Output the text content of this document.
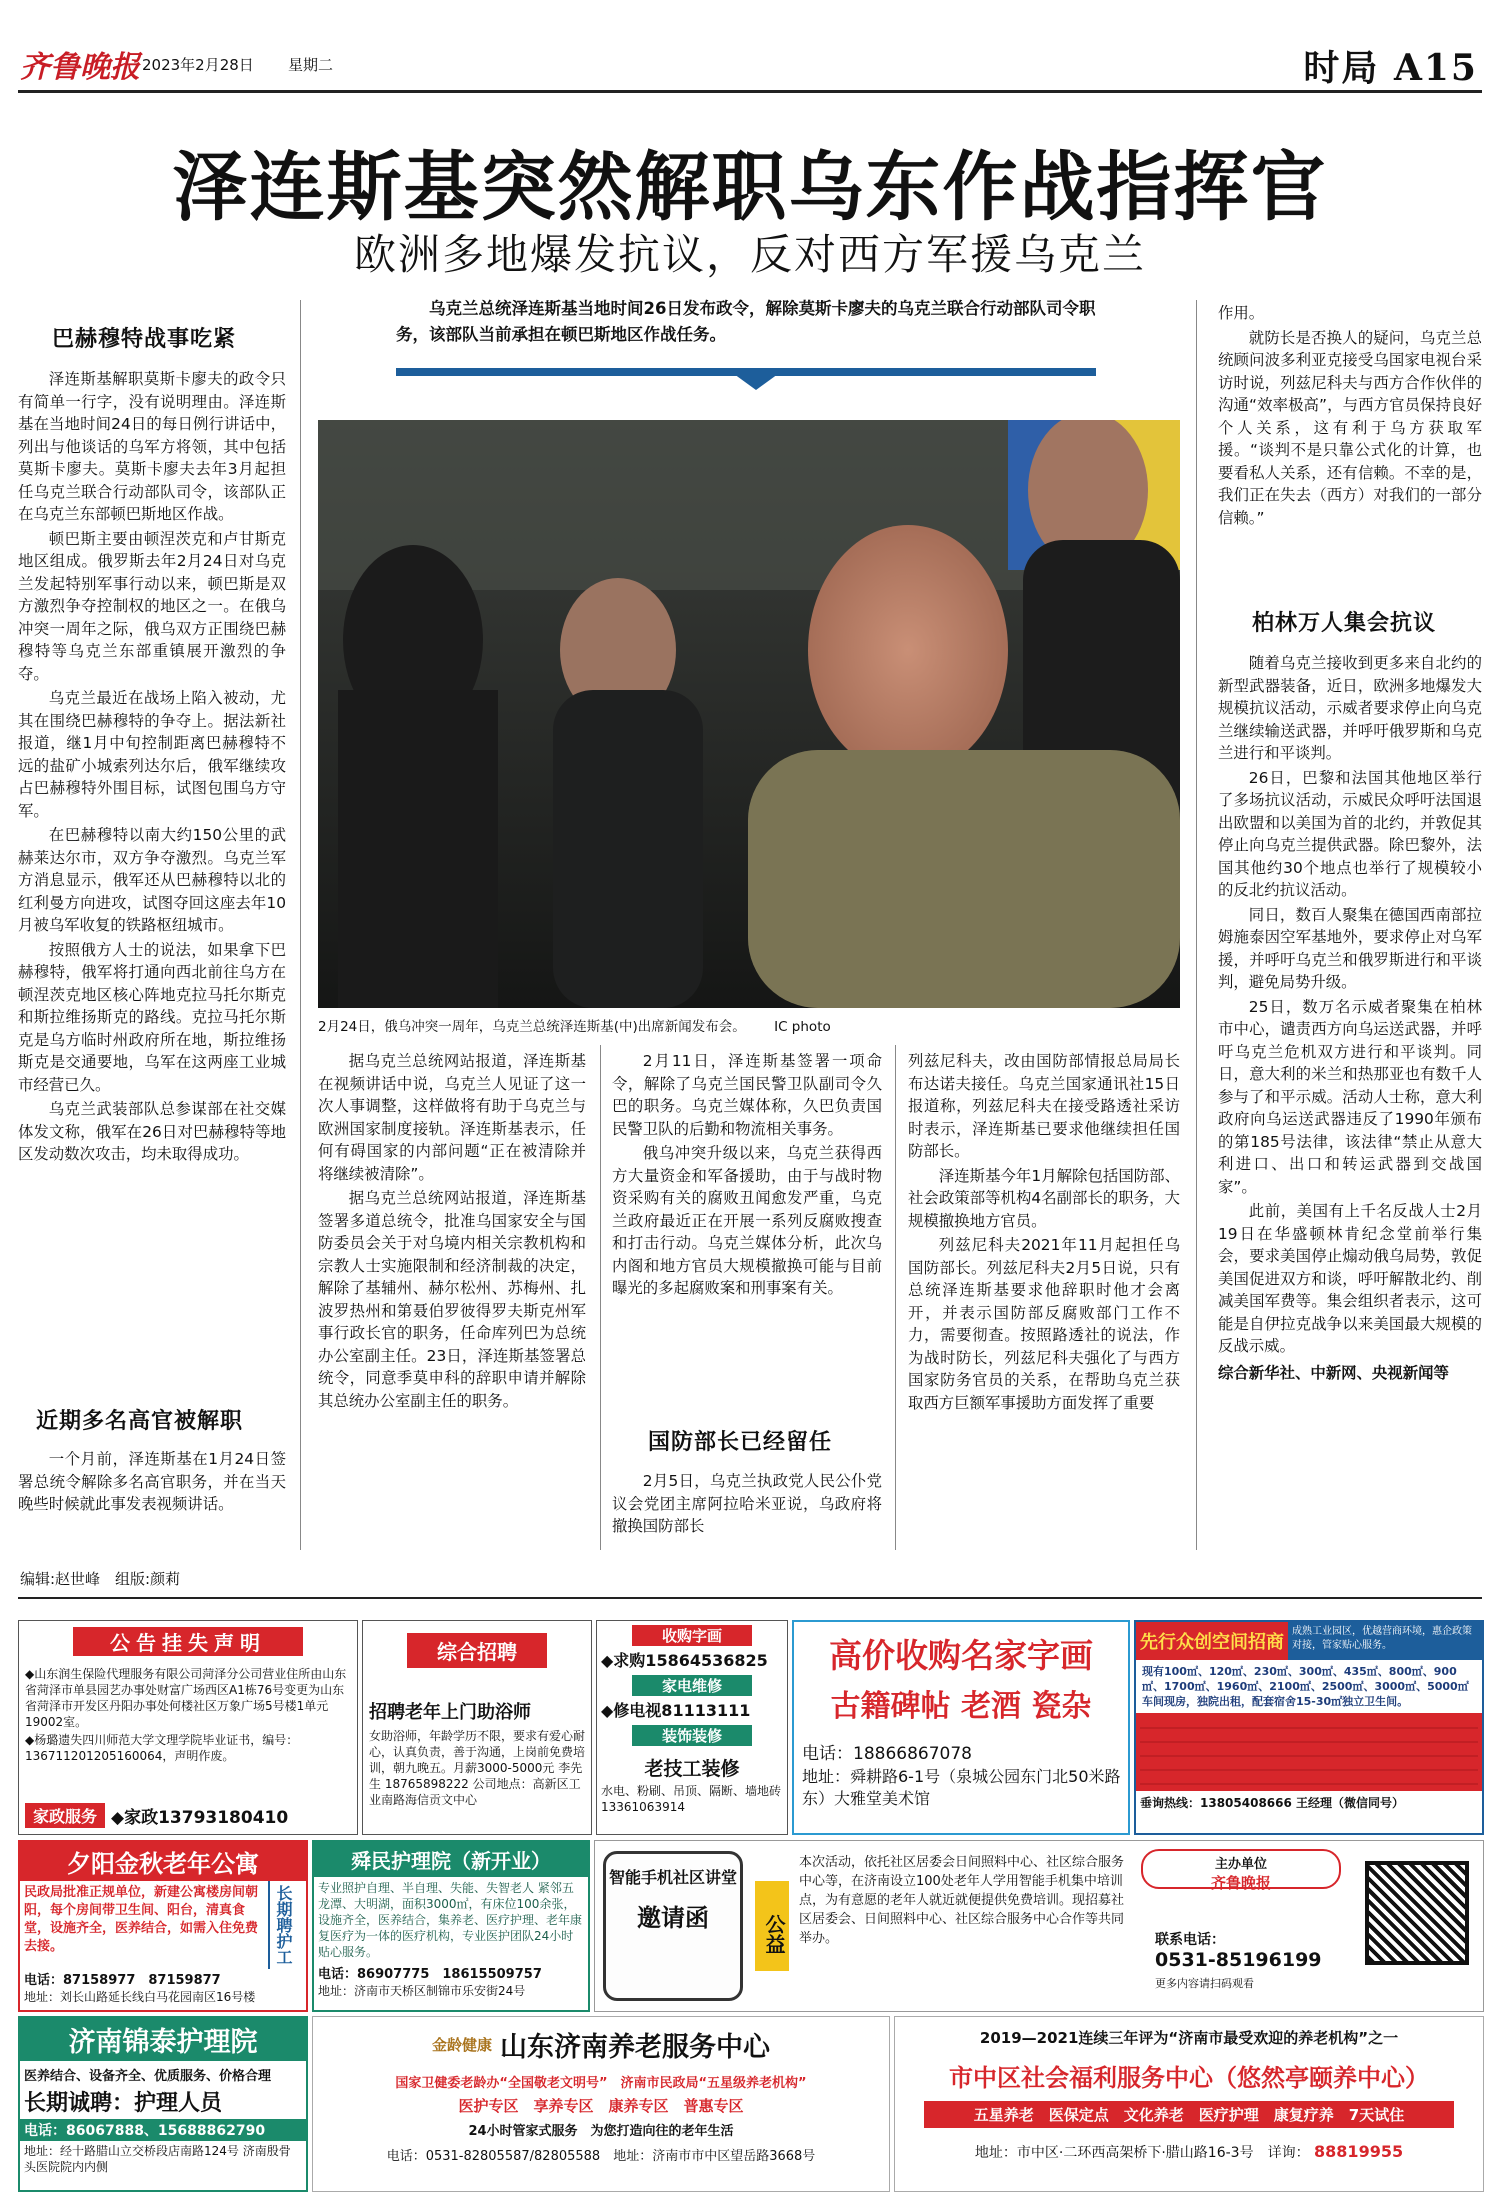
齐鲁晚报 2023年2月28日 星期二	时局 A15
泽连斯基突然解职乌东作战指挥官
欧洲多地爆发抗议，反对西方军援乌克兰
乌克兰总统泽连斯基当地时间26日发布政令，解除莫斯卡廖夫的乌克兰联合行动部队司令职务，该部队当前承担在顿巴斯地区作战任务。
巴赫穆特战事吃紧

泽连斯基解职莫斯卡廖夫的政令只有简单一行字，没有说明理由。泽连斯基在当地时间24日的每日例行讲话中，列出与他谈话的乌军方将领，其中包括莫斯卡廖夫。莫斯卡廖夫去年3月起担任乌克兰联合行动部队司令，该部队正在乌克兰东部顿巴斯地区作战。

顿巴斯主要由顿涅茨克和卢甘斯克地区组成。俄罗斯去年2月24日对乌克兰发起特别军事行动以来，顿巴斯是双方激烈争夺控制权的地区之一。在俄乌冲突一周年之际，俄乌双方正围绕巴赫穆特等乌克兰东部重镇展开激烈的争夺。

乌克兰最近在战场上陷入被动，尤其在围绕巴赫穆特的争夺上。据法新社报道，继1月中旬控制距离巴赫穆特不远的盐矿小城索列达尔后，俄军继续攻占巴赫穆特外围目标，试图包围乌方守军。

在巴赫穆特以南大约150公里的武赫莱达尔市，双方争夺激烈。乌克兰军方消息显示，俄军还从巴赫穆特以北的红利曼方向进攻，试图夺回这座去年10月被乌军收复的铁路枢纽城市。

按照俄方人士的说法，如果拿下巴赫穆特，俄军将打通向西北前往乌方在顿涅茨克地区核心阵地克拉马托尔斯克和斯拉维扬斯克的路线。克拉马托尔斯克是乌方临时州政府所在地，斯拉维扬斯克是交通要地，乌军在这两座工业城市经营已久。

乌克兰武装部队总参谋部在社交媒体发文称，俄军在26日对巴赫穆特等地区发动数次攻击，均未取得成功。

近期多名高官被解职

一个月前，泽连斯基在1月24日签署总统令解除多名高官职务，并在当天晚些时候就此事发表视频讲话。

2月24日，俄乌冲突一周年，乌克兰总统泽连斯基(中)出席新闻发布会。 IC photo

据乌克兰总统网站报道，泽连斯基在视频讲话中说，乌克兰人见证了这一次人事调整，这样做将有助于乌克兰与欧洲国家制度接轨。泽连斯基表示，任何有碍国家的内部问题“正在被清除并将继续被清除”。

据乌克兰总统网站报道，泽连斯基签署多道总统令，批准乌国家安全与国防委员会关于对乌境内相关宗教机构和宗教人士实施限制和经济制裁的决定，解除了基辅州、赫尔松州、苏梅州、扎波罗热州和第聂伯罗彼得罗夫斯克州军事行政长官的职务，任命库列巴为总统办公室副主任。23日，泽连斯基签署总统令，同意季莫申科的辞职申请并解除其总统办公室副主任的职务。

2月11日，泽连斯基签署一项命令，解除了乌克兰国民警卫队副司令久巴的职务。乌克兰媒体称，久巴负责国民警卫队的后勤和物流相关事务。

俄乌冲突升级以来，乌克兰获得西方大量资金和军备援助，由于与战时物资采购有关的腐败丑闻愈发严重，乌克兰政府最近正在开展一系列反腐败搜查和打击行动。乌克兰媒体分析，此次乌内阁和地方官员大规模撤换可能与目前曝光的多起腐败案和刑事案有关。

国防部长已经留任

2月5日，乌克兰执政党人民公仆党议会党团主席阿拉哈米亚说，乌政府将撤换国防部长

列兹尼科夫，改由国防部情报总局局长布达诺夫接任。乌克兰国家通讯社15日报道称，列兹尼科夫在接受路透社采访时表示，泽连斯基已要求他继续担任国防部长。

泽连斯基今年1月解除包括国防部、社会政策部等机构4名副部长的职务，大规模撤换地方官员。

列兹尼科夫2021年11月起担任乌国防部长。列兹尼科夫2月5日说，只有总统泽连斯基要求他辞职时他才会离开，并表示国防部反腐败部门工作不力，需要彻查。按照路透社的说法，作为战时防长，列兹尼科夫强化了与西方国家防务官员的关系，在帮助乌克兰获取西方巨额军事援助方面发挥了重要

作用。

就防长是否换人的疑问，乌克兰总统顾问波多利亚克接受乌国家电视台采访时说，列兹尼科夫与西方合作伙伴的沟通“效率极高”，与西方官员保持良好个人关系，这有利于乌方获取军援。“谈判不是只靠公式化的计算，也要看私人关系，还有信赖。不幸的是，我们正在失去（西方）对我们的一部分信赖。”

柏林万人集会抗议

随着乌克兰接收到更多来自北约的新型武器装备，近日，欧洲多地爆发大规模抗议活动，示威者要求停止向乌克兰继续输送武器，并呼吁俄罗斯和乌克兰进行和平谈判。

26日，巴黎和法国其他地区举行了多场抗议活动，示威民众呼吁法国退出欧盟和以美国为首的北约，并敦促其停止向乌克兰提供武器。除巴黎外，法国其他约30个地点也举行了规模较小的反北约抗议活动。

同日，数百人聚集在德国西南部拉姆施泰因空军基地外，要求停止对乌军援，并呼吁乌克兰和俄罗斯进行和平谈判，避免局势升级。

25日，数万名示威者聚集在柏林市中心，谴责西方向乌运送武器，并呼吁乌克兰危机双方进行和平谈判。同日，意大利的米兰和热那亚也有数千人参与了和平示威。活动人士称，意大利政府向乌运送武器违反了1990年颁布的第185号法律，该法律“禁止从意大利进口、出口和转运武器到交战国家”。

此前，美国有上千名反战人士2月19日在华盛顿林肯纪念堂前举行集会，要求美国停止煽动俄乌局势，敦促美国促进双方和谈，呼吁解散北约、削减美国军费等。集会组织者表示，这可能是自伊拉克战争以来美国最大规模的反战示威。

综合新华社、中新网、央视新闻等
编辑:赵世峰　组版:颜莉
公告挂失声明
◆山东润生保险代理服务有限公司菏泽分公司营业住所由山东省菏泽市单县园艺办事处财富广场西区A1栋76号变更为山东省菏泽市开发区丹阳办事处何楼社区万象广场5号楼1单元19002室。
◆杨璐遗失四川师范大学文理学院毕业证书，编号：136711201205160064，声明作废。
家政服务 ◆家政13793180410
综合招聘
招聘老年上门助浴师
女助浴师，年龄学历不限，要求有爱心耐心，认真负责，善于沟通，上岗前免费培训，朝九晚五。月薪3000-5000元 李先生 18765898222 公司地点：高新区工业南路海信贡文中心
收购字画
◆求购15864536825
家电维修
◆修电视81113111
装饰装修
老技工装修
水电、粉刷、吊顶、隔断、墙地砖13361063914
高价收购名家字画
古籍碑帖 老酒 瓷杂
电话：18866867078
地址：舜耕路6-1号（泉城公园东门北50米路东）大雅堂美术馆
先行众创空间招商
成熟工业园区，优越营商环境，惠企政策对接，管家贴心服务。
现有100㎡、120㎡、230㎡、300㎡、435㎡、800㎡、900㎡、1700㎡、1960㎡、2100㎡、2500㎡、3000㎡、5000㎡车间现房，独院出租，配套宿舍15-30㎡独立卫生间。
垂询热线：13805408666 王经理（微信同号）
夕阳金秋老年公寓
民政局批准正规单位，新建公寓楼房间朝阳，每个房间带卫生间、阳台，清真食堂，设施齐全，医养结合，如需入住免费去接。	长期聘护工
电话：87158977　87159877
地址：刘长山路延长线白马花园南区16号楼
舜民护理院（新开业）
专业照护自理、半自理、失能、失智老人 紧邻五龙潭、大明湖，面积3000㎡，有床位100余张，设施齐全，医养结合，集养老、医疗护理、老年康复医疗为一体的医疗机构，专业医护团队24小时贴心服务。
电话：86907775　18615509757
地址：济南市天桥区制锦市乐安街24号
智能手机社区讲堂
邀请函	公益
本次活动，依托社区居委会日间照料中心、社区综合服务中心等，在济南设立100处老年人学用智能手机集中培训点，为有意愿的老年人就近就便提供免费培训。现招募社区居委会、日间照料中心、社区综合服务中心合作等共同举办。
主办单位
齐鲁晚报
联系电话：
0531-85196199
更多内容请扫码观看
济南锦泰护理院
医养结合、设备齐全、优质服务、价格合理
长期诚聘：护理人员
电话：86067888、15688862790
地址：经十路腊山立交桥段店南路124号 济南殷骨头医院院内内侧
金龄健康 山东济南养老服务中心
国家卫健委老龄办“全国敬老文明号”　济南市民政局“五星级养老机构”
医护专区　享养专区　康养专区　普惠专区
24小时管家式服务　为您打造向往的老年生活
电话：0531-82805587/82805588　地址：济南市市中区望岳路3668号
2019—2021连续三年评为“济南市最受欢迎的养老机构”之一
市中区社会福利服务中心（悠然亭颐养中心）
五星养老　医保定点　文化养老　医疗护理　康复疗养　7天试住
地址：市中区·二环西高架桥下·腊山路16-3号　详询： 88819955
